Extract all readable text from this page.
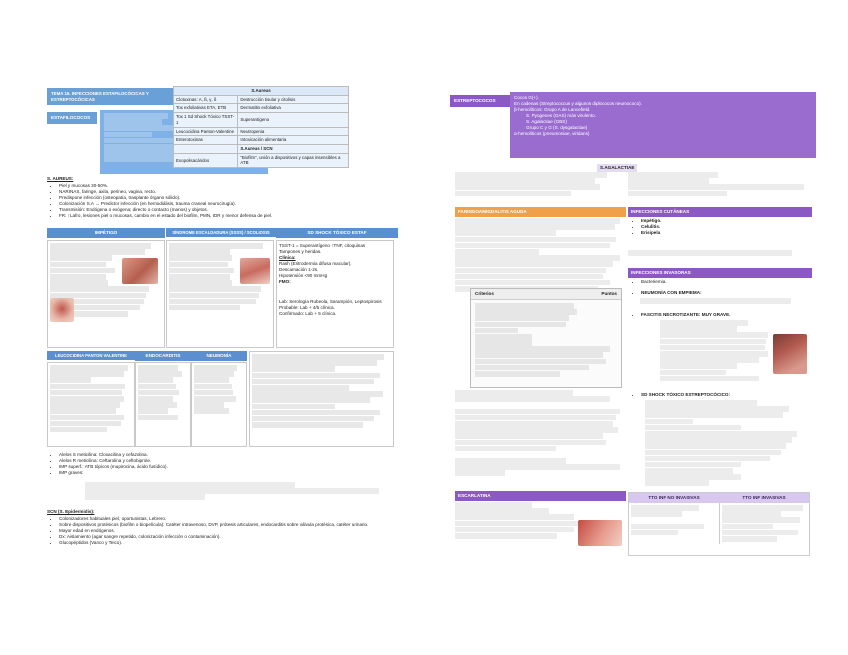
TEMA 15. INFECCIONES ESTAFILOCÓCICAS Y ESTREPTOCÓCICAS
ESTAFILOCOCOS
S.Aureus	
Clotoxinas: A, ß, γ, δ	Destrucción tisular y citolisis
Tox exfoliativas ETA, ETB	Dermatitis exfoliativa
Tox 1 Sd Shock Tóxico TSST-1	Superantígeno
Leucocidina Panton-Valentine	Neutropenia
Enterotoxinas	Intoxicación alimentaria
	S.Aureus / SCN
Exopolisacáridos	"Biofilm", unión a dispositivos y capas insensibles a ATB
S. AUREUS:
• Piel y mucosas 30-50%.
• NARINAS, faringe, axila, perineo, vagina, recto.
• Predispone infección (osteopatía, trasplante órgano sólido).
• Colonización S.A → Predictor infección (en hemodiálisis, trauma craneal neurocirugía).
• Transmisión: Endógena o exógena; directo o contacto (manos) y objetos.
• FR: ↑Lafro, lesiones piel o mucosas, cambio en el estado del biofilm, PMN, IDR y menor defensa de piel.
IMPÉTIGO	SÍNDROME ESCALDADURA (SSSS) / SCOLIOSIS	SD SHOCK TÓXICO ESTAF
TSST-1 = Superantígeno ↑TNF, citoquinas
Tampones y heridas.
Clínica:
Rash (Eritrodermia difusa macular).
Descamación 1-2s.
Hipotensión <90 mmHg
FMO:
Lab: Serología Rubeola, Sarampión, Leptospirosis
Probable: Lab + 4/5 clínica.
Confirmado: Lab + 5 clínica.
LEUCOCIDINA PANTON VALENTINE	ENDOCARDITIS	NEUMONÍA
• Alelos S meticilina: Cloxacilina y cefazolina.
• Alelos R meticilina: Ceftarolina y ceftobiprole.
• IMP superf.: ATB tópicos (mupirocina, ácido fusídico).
• IMP graves:
SCN (S. Epidermidis):
• Colonizadores habituales piel, oportunistas, Lebrero.
• Sobre dispositivos protésicos (biofilm o biopelícula): Catéter intravenoso, DVP, prótesis articulares, endocarditis sobre válvula protésica, catéter urinario.
• Mayor edad en endógenos.
• Dx: Aislamiento (agar sangre repetido, colonización infección o contaminación).
• Glucopéptidos (Vanco y Teico).
ESTREPTOCOCOS
Cocos G(+).
En cadenas (Streptococcus y algunos diplococos neumococo).
β-hemolíticos: Grupo A de Lancefield.
S. Pyogenes (GAS) más virulento.
S. Agalactiae (GBS)
Grupo C y G (S. dysgalactiae)
α-hemolíticos (pneumoniae, viridans)
S.AGALACTIAE
FARINGOAMIGDALITIS AGUDA
Criterios	Puntos
ESCARLATINA
INFECCIONES CUTÁNEAS
• Impétigo.
• Celulitis.
• Erisipela
INFECCIONES INVASORAS
• Bacteriemia.
• NEUMONÍA CON EMPIEMA:
• FASCITIS NECROTIZANTE: MUY GRAVE.
• SD SHOCK TÓXICO ESTREPTOCÓCICO:
TTO INF NO INVASIVAS	TTO INF INVASIVAS
